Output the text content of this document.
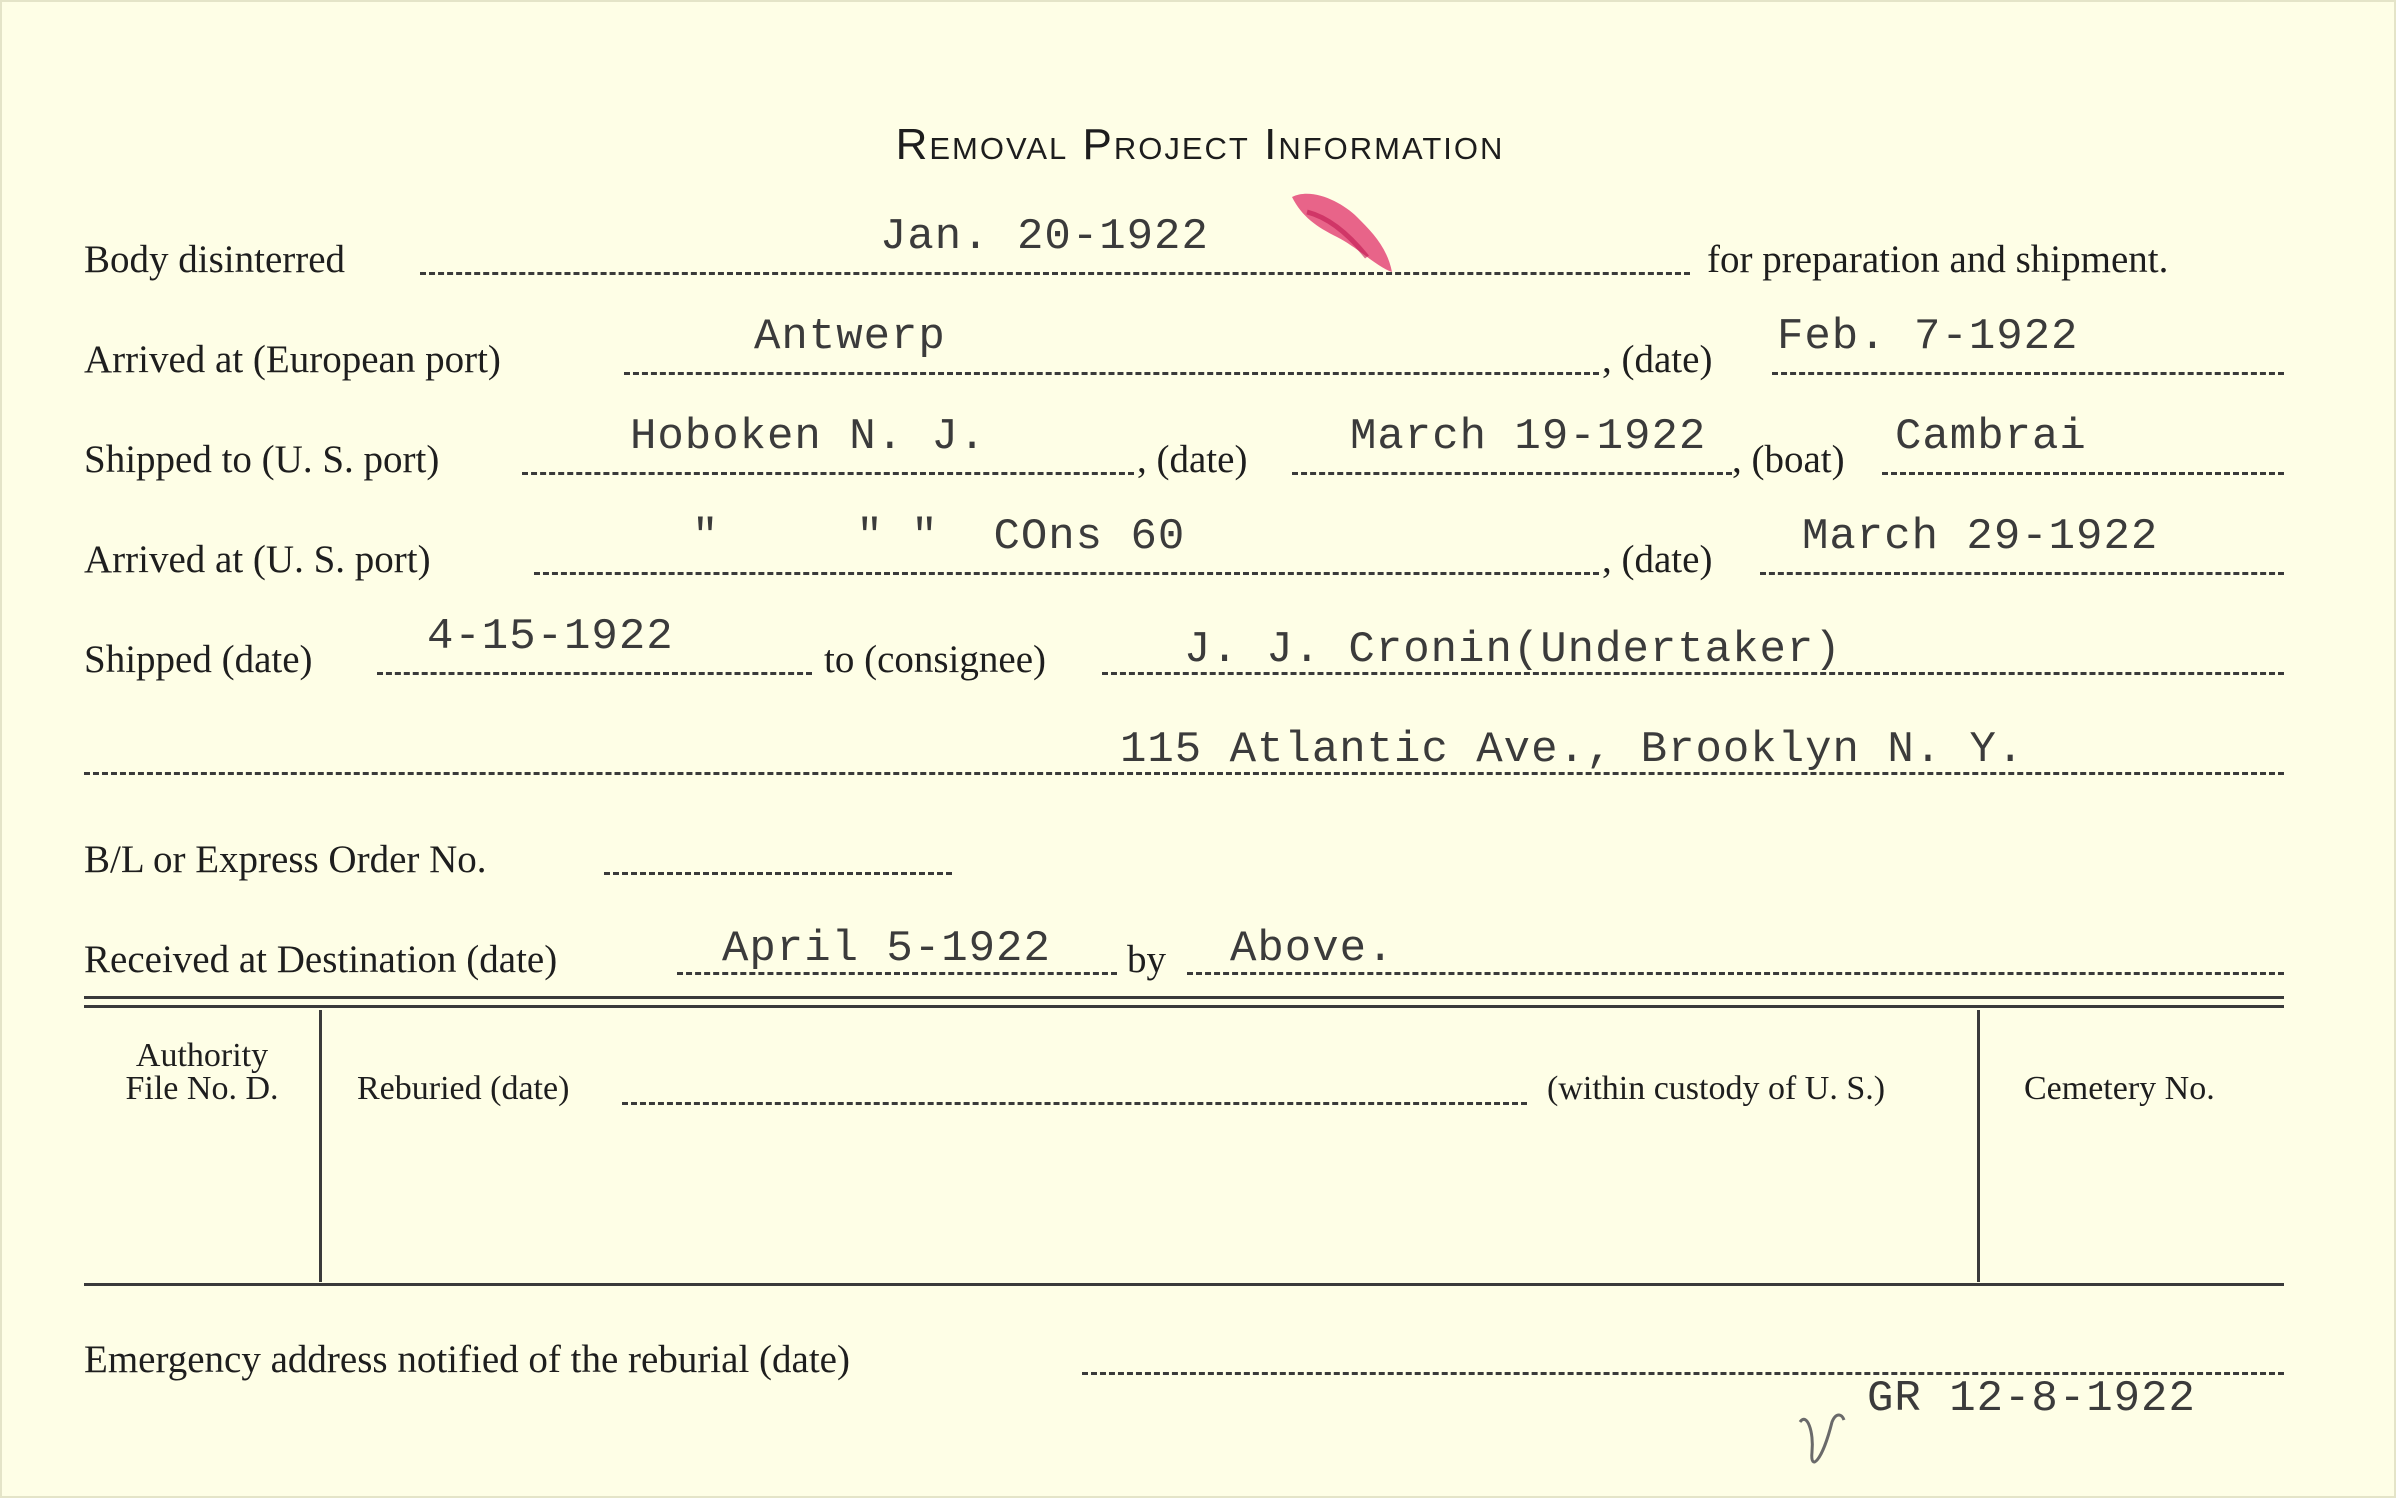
Removal Project Information
Body disinterred	Jan. 20-1922	for preparation and shipment.
Arrived at (European port)	Antwerp	, (date) Feb. 7-1922
Shipped to (U. S. port)	Hoboken N. J.	, (date) March 19-1922 , (boat) Cambrai
Arrived at (U. S. port)	"     " "  COns 60	, (date) March 29-1922
Shipped (date)	4-15-1922	to (consignee)	J. J. Cronin(Undertaker)
115 Atlantic Ave., Brooklyn N. Y.
B/L or Express Order No.
Received at Destination (date)	April 5-1922 by Above.
Authority
File No. D.	Reburied (date)	(within custody of U. S.)	Cemetery No.
Emergency address notified of the reburial (date)
GR 12-8-1922
